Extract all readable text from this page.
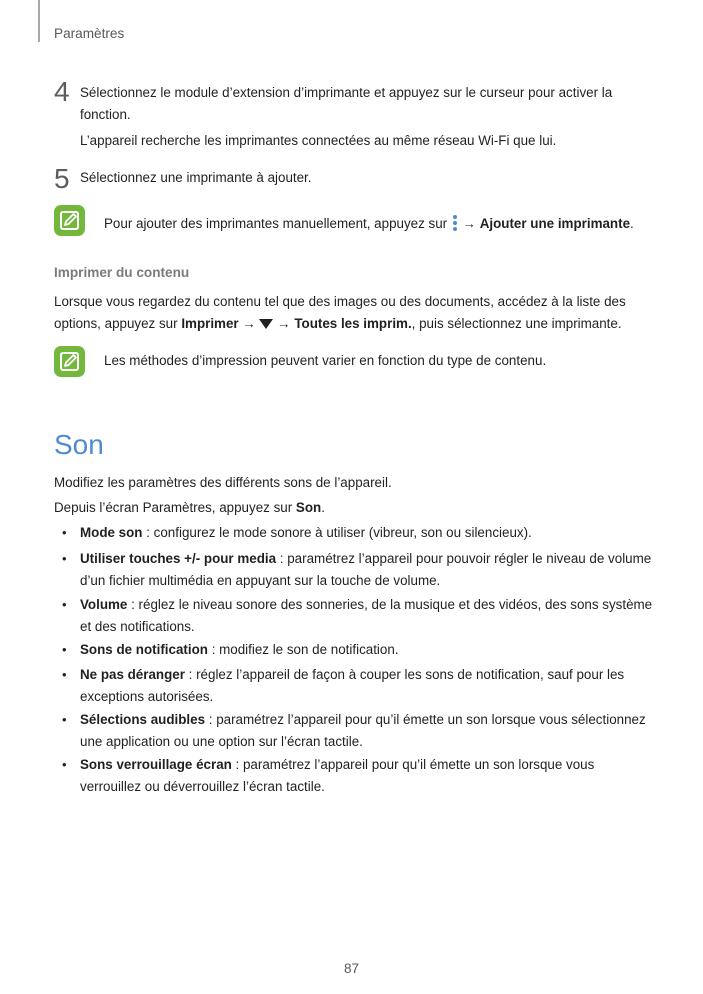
Paramètres
4 Sélectionnez le module d’extension d’imprimante et appuyez sur le curseur pour activer la fonction.
L’appareil recherche les imprimantes connectées au même réseau Wi-Fi que lui.
5 Sélectionnez une imprimante à ajouter.
Pour ajouter des imprimantes manuellement, appuyez sur → Ajouter une imprimante.
Imprimer du contenu
Lorsque vous regardez du contenu tel que des images ou des documents, accédez à la liste des
options, appuyez sur Imprimer → → Toutes les imprim., puis sélectionnez une imprimante.
Les méthodes d’impression peuvent varier en fonction du type de contenu.
Son
Modifiez les paramètres des différents sons de l’appareil.
Depuis l’écran Paramètres, appuyez sur Son.
• Mode son : configurez le mode sonore à utiliser (vibreur, son ou silencieux).
• Utiliser touches +/- pour media : paramétrez l’appareil pour pouvoir régler le niveau de volume
d’un fichier multimédia en appuyant sur la touche de volume.
• Volume : réglez le niveau sonore des sonneries, de la musique et des vidéos, des sons système
et des notifications.
• Sons de notification : modifiez le son de notification.
• Ne pas déranger : réglez l’appareil de façon à couper les sons de notification, sauf pour les
exceptions autorisées.
• Sélections audibles : paramétrez l’appareil pour qu’il émette un son lorsque vous sélectionnez
une application ou une option sur l’écran tactile.
• Sons verrouillage écran : paramétrez l’appareil pour qu’il émette un son lorsque vous
verrouillez ou déverrouillez l’écran tactile.
87
